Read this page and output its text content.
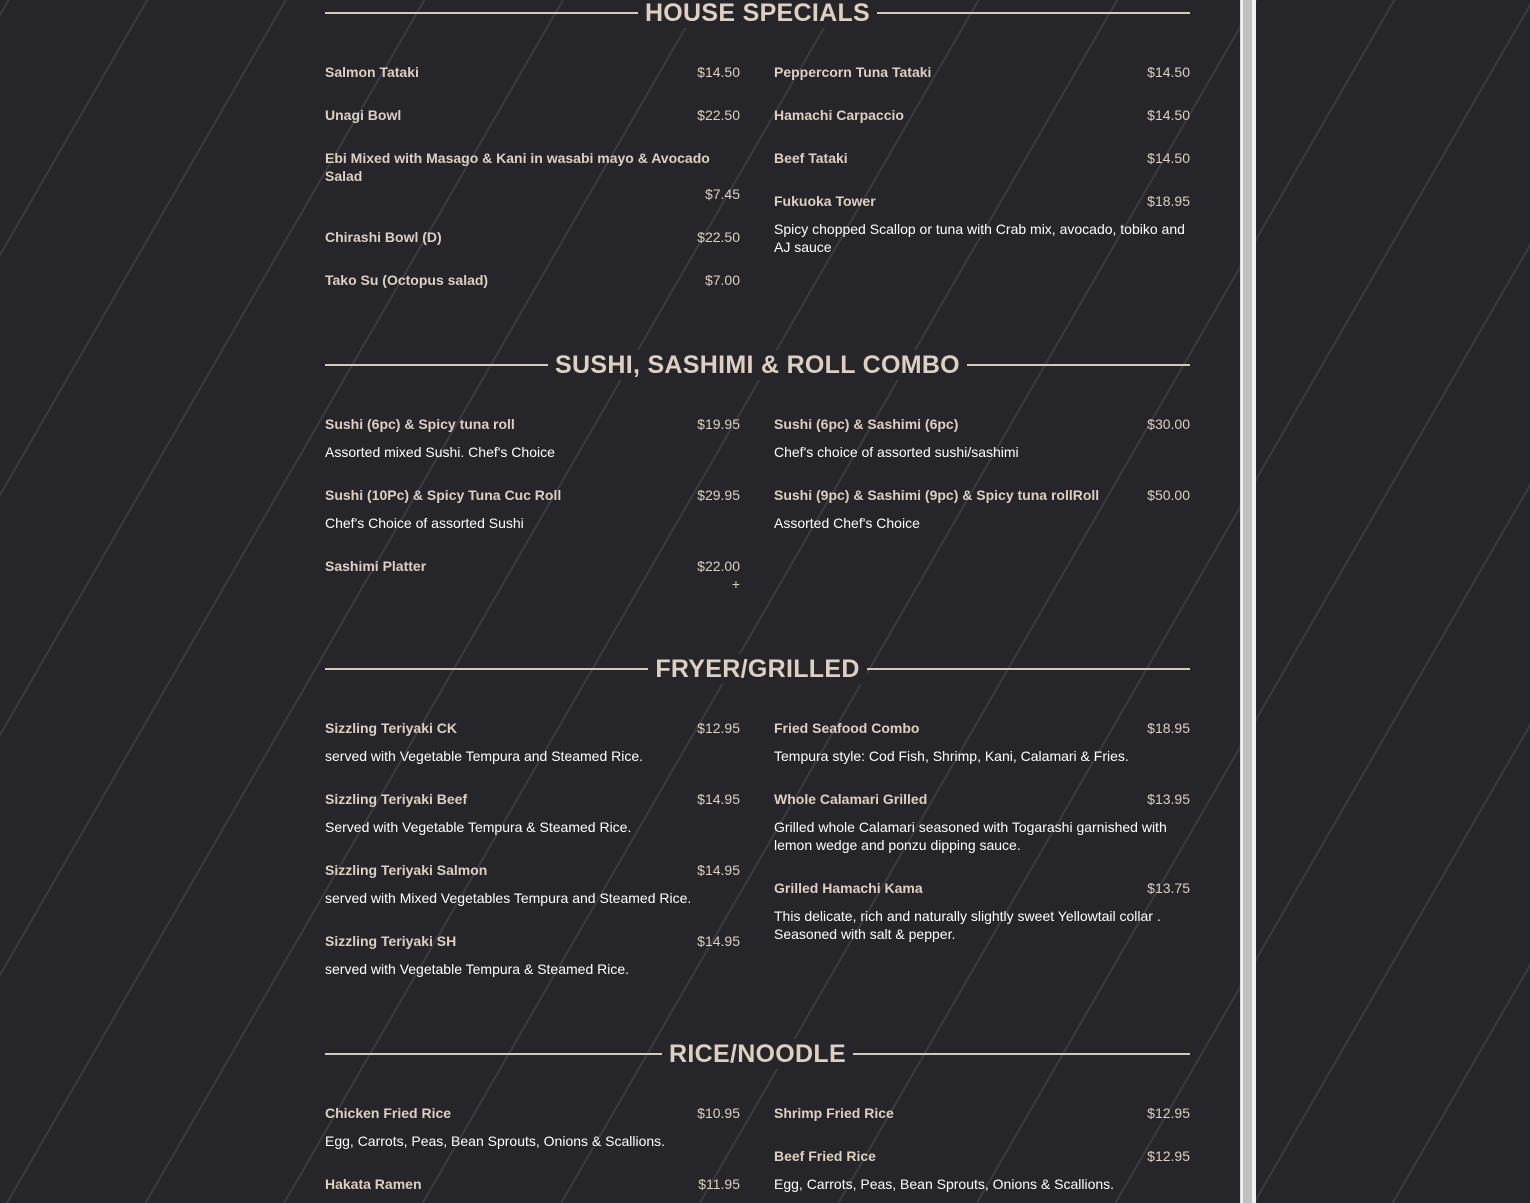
HOUSE SPECIALS
Salmon Tataki	$14.50
Unagi Bowl	$22.50
Ebi Mixed with Masago & Kani in wasabi mayo & Avocado Salad
$7.45
Chirashi Bowl (D)	$22.50
Tako Su (Octopus salad)	$7.00
Peppercorn Tuna Tataki	$14.50
Hamachi Carpaccio	$14.50
Beef Tataki	$14.50
Fukuoka Tower	$18.95
Spicy chopped Scallop or tuna with Crab mix, avocado, tobiko and AJ sauce
SUSHI, SASHIMI & ROLL COMBO
Sushi (6pc) & Spicy tuna roll	$19.95
Assorted mixed Sushi. Chef's Choice
Sushi (10Pc) & Spicy Tuna Cuc Roll	$29.95
Chef's Choice of assorted Sushi
Sashimi Platter	$22.00
+
Sushi (6pc) & Sashimi (6pc)	$30.00
Chef's choice of assorted sushi/sashimi
Sushi (9pc) & Sashimi (9pc) & Spicy tuna rollRoll	$50.00
Assorted Chef's Choice
FRYER/GRILLED
Sizzling Teriyaki CK	$12.95
served with Vegetable Tempura and Steamed Rice.
Sizzling Teriyaki Beef	$14.95
Served with Vegetable Tempura & Steamed Rice.
Sizzling Teriyaki Salmon	$14.95
served with Mixed Vegetables Tempura and Steamed Rice.
Sizzling Teriyaki SH	$14.95
served with Vegetable Tempura & Steamed Rice.
Fried Seafood Combo	$18.95
Tempura style: Cod Fish, Shrimp, Kani, Calamari & Fries.
Whole Calamari Grilled	$13.95
Grilled whole Calamari seasoned with Togarashi garnished with lemon wedge and ponzu dipping sauce.
Grilled Hamachi Kama	$13.75
This delicate, rich and naturally slightly sweet Yellowtail collar . Seasoned with salt & pepper.
RICE/NOODLE
Chicken Fried Rice	$10.95
Egg, Carrots, Peas, Bean Sprouts, Onions & Scallions.
Hakata Ramen	$11.95
Shrimp Fried Rice	$12.95
Beef Fried Rice	$12.95
Egg, Carrots, Peas, Bean Sprouts, Onions & Scallions.
